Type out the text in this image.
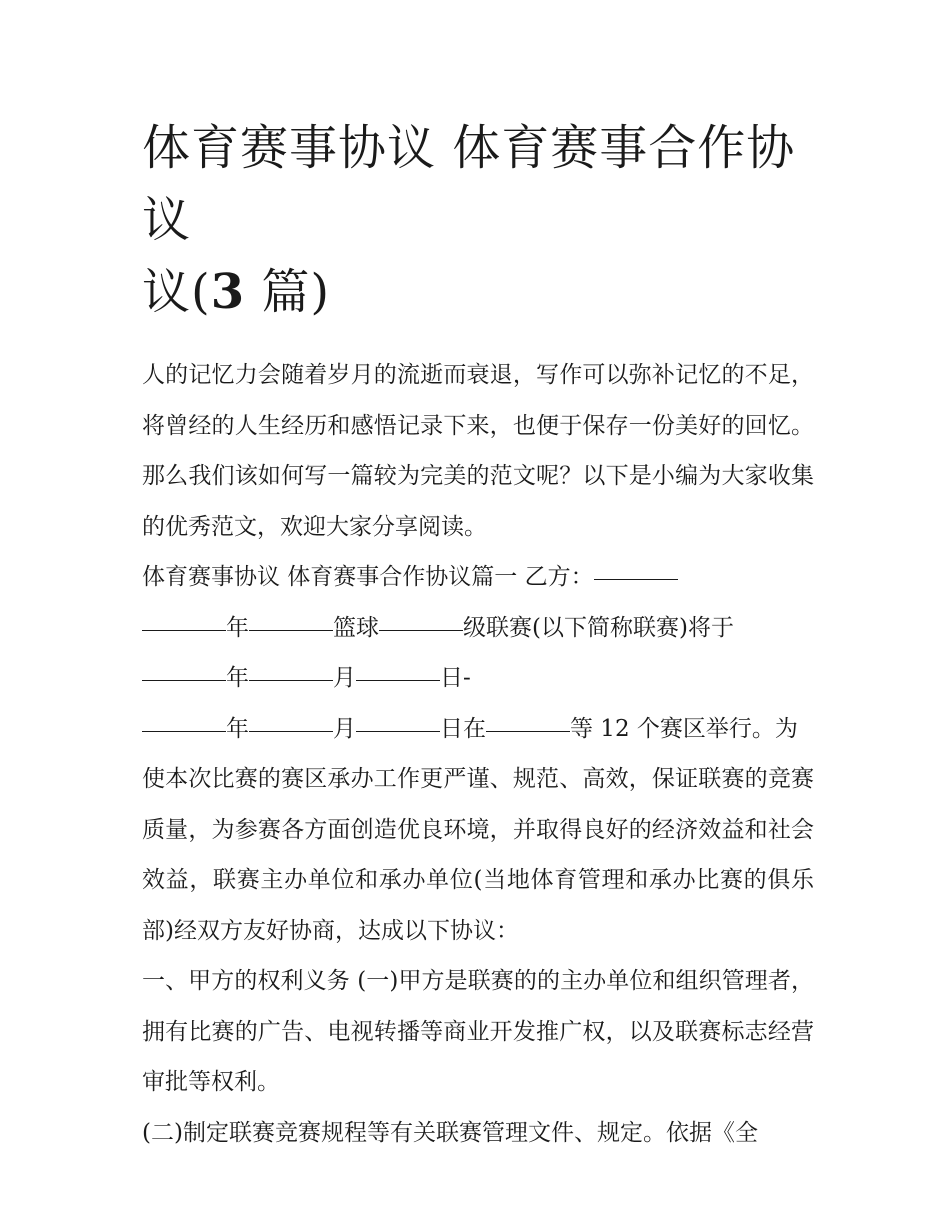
体育赛事协议 体育赛事合作协议
议(3 篇)

人的记忆力会随着岁月的流逝而衰退，写作可以弥补记忆的不足，将曾经的人生经历和感悟记录下来，也便于保存一份美好的回忆。那么我们该如何写一篇较为完美的范文呢？以下是小编为大家收集的优秀范文，欢迎大家分享阅读。

体育赛事协议 体育赛事合作协议篇一 乙方：

年	篮球	级联赛(以下简称联赛)将于

年	月	日-

年	月	日在	等 12 个赛区举行。为

使本次比赛的赛区承办工作更严谨、规范、高效，保证联赛的竞赛质量，为参赛各方面创造优良环境，并取得良好的经济效益和社会效益，联赛主办单位和承办单位(当地体育管理和承办比赛的俱乐部)经双方友好协商，达成以下协议：

一、甲方的权利义务 (一)甲方是联赛的的主办单位和组织管理者，拥有比赛的广告、电视转播等商业开发推广权，以及联赛标志经营审批等权利。

(二)制定联赛竞赛规程等有关联赛管理文件、规定。依据《全
